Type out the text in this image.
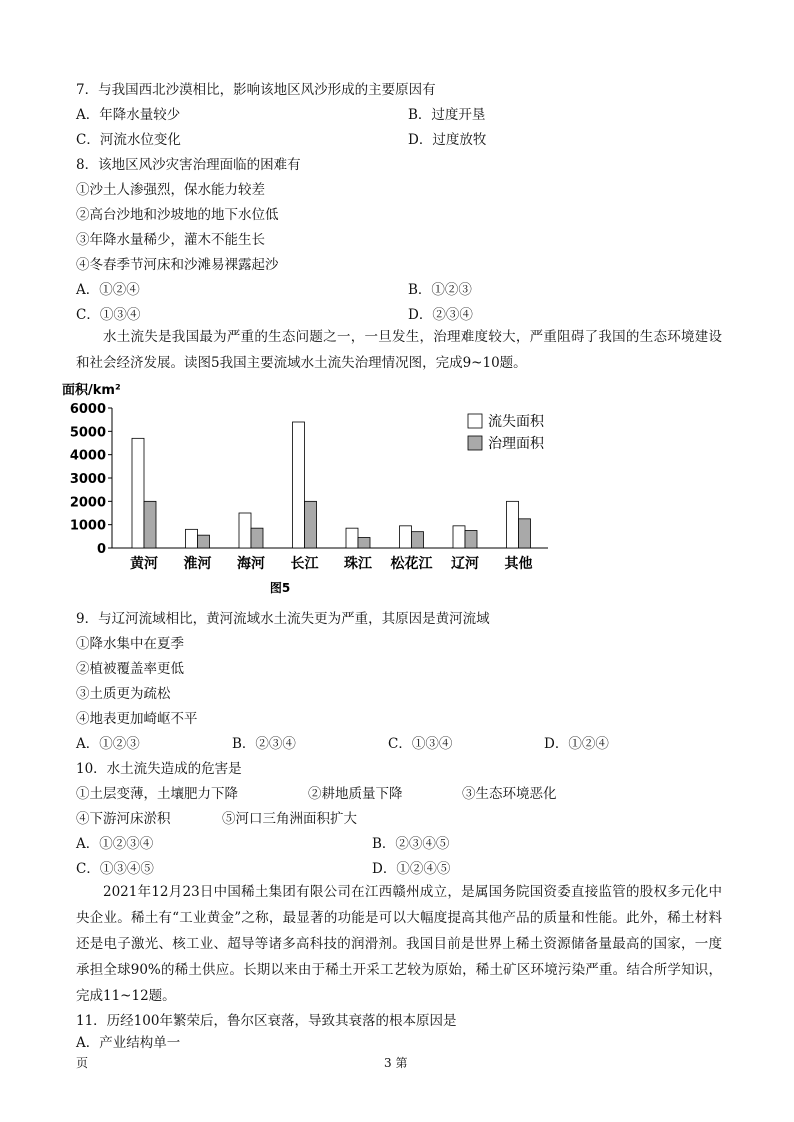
7．与我国西北沙漠相比，影响该地区风沙形成的主要原因有
A．年降水量较少	B．过度开垦
C．河流水位变化	D．过度放牧
8．该地区风沙灾害治理面临的困难有
①沙土人渗强烈，保水能力较差
②高台沙地和沙坡地的地下水位低
③年降水量稀少，灌木不能生长
④冬春季节河床和沙滩易裸露起沙
A．①②④	B．①②③
C．①③④	D．②③④
水土流失是我国最为严重的生态问题之一，一旦发生，治理难度较大，严重阻碍了我国的生态环境建设和社会经济发展。读图5我国主要流域水土流失治理情况图，完成9~10题。
面积/km²
0
1000
2000
3000
4000
5000
6000
黄河 淮河 海河 长江 珠江 松花江 辽河 其他
流失面积
治理面积
图5
9．与辽河流域相比，黄河流域水土流失更为严重，其原因是黄河流域
①降水集中在夏季
②植被覆盖率更低
③土质更为疏松
④地表更加崎岖不平
A．①②③	B．②③④	C．①③④	D．①②④
10．水土流失造成的危害是
①土层变薄，土壤肥力下降	②耕地质量下降	③生态环境恶化
④下游河床淤积	⑤河口三角洲面积扩大
A．①②③④	B．②③④⑤
C．①③④⑤	D．①②④⑤
2021年12月23日中国稀土集团有限公司在江西赣州成立，是属国务院国资委直接监管的股权多元化中央企业。稀土有“工业黄金”之称，最显著的功能是可以大幅度提高其他产品的质量和性能。此外，稀土材料还是电子激光、核工业、超导等诸多高科技的润滑剂。我国目前是世界上稀土资源储备量最高的国家，一度承担全球90%的稀土供应。长期以来由于稀土开采工艺较为原始，稀土矿区环境污染严重。结合所学知识，完成11~12题。
11．历经100年繁荣后，鲁尔区衰落，导致其衰落的根本原因是
A．产业结构单一
页	3 第
